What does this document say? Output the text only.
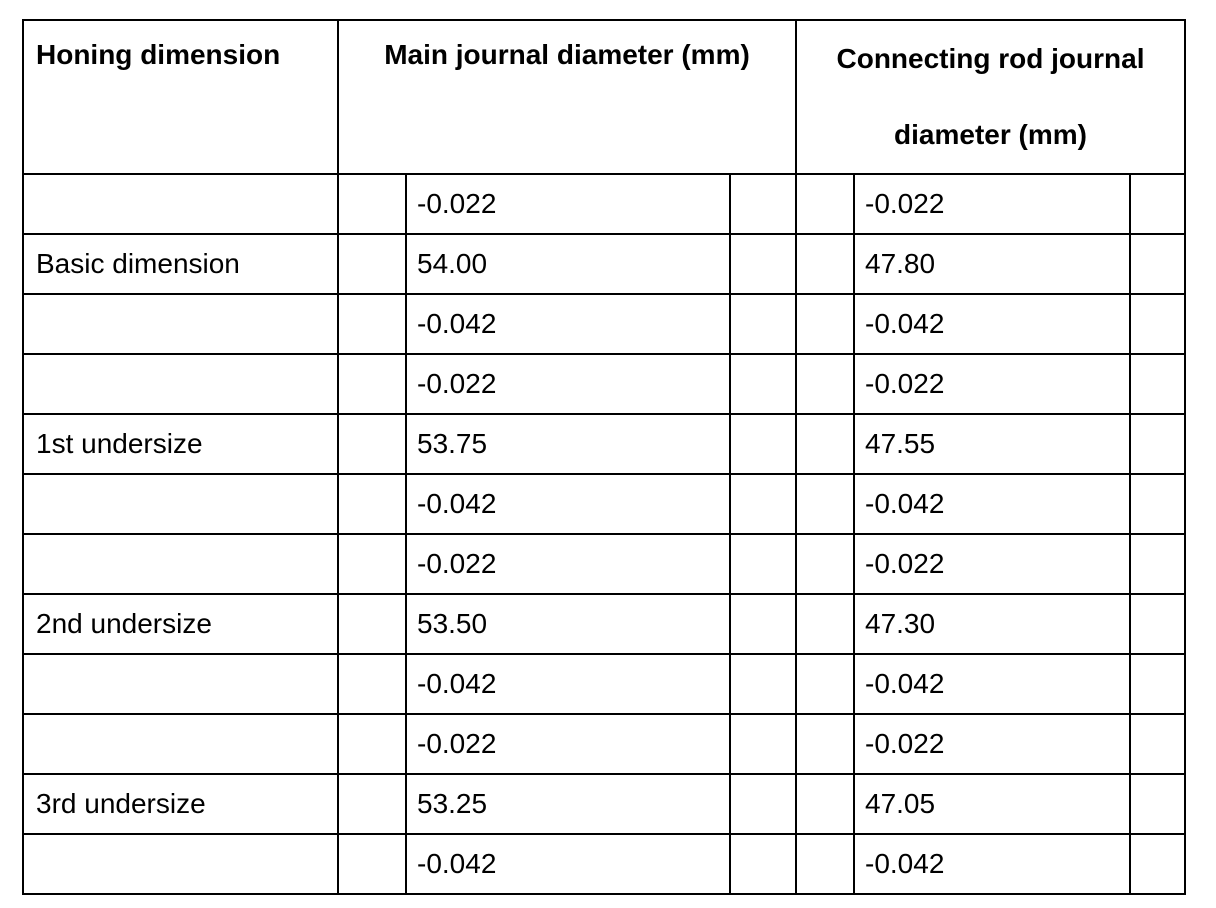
Honing dimension	Main journal diameter (mm)			Connecting rod journal
diameter (mm)		

		-0.022			-0.022	
Basic dimension		54.00			47.80	
		-0.042			-0.042	
		-0.022			-0.022	
1st undersize		53.75			47.55	
		-0.042			-0.042	
		-0.022			-0.022	
2nd undersize		53.50			47.30	
		-0.042			-0.042	
		-0.022			-0.022	
3rd undersize		53.25			47.05	
		-0.042			-0.042	
